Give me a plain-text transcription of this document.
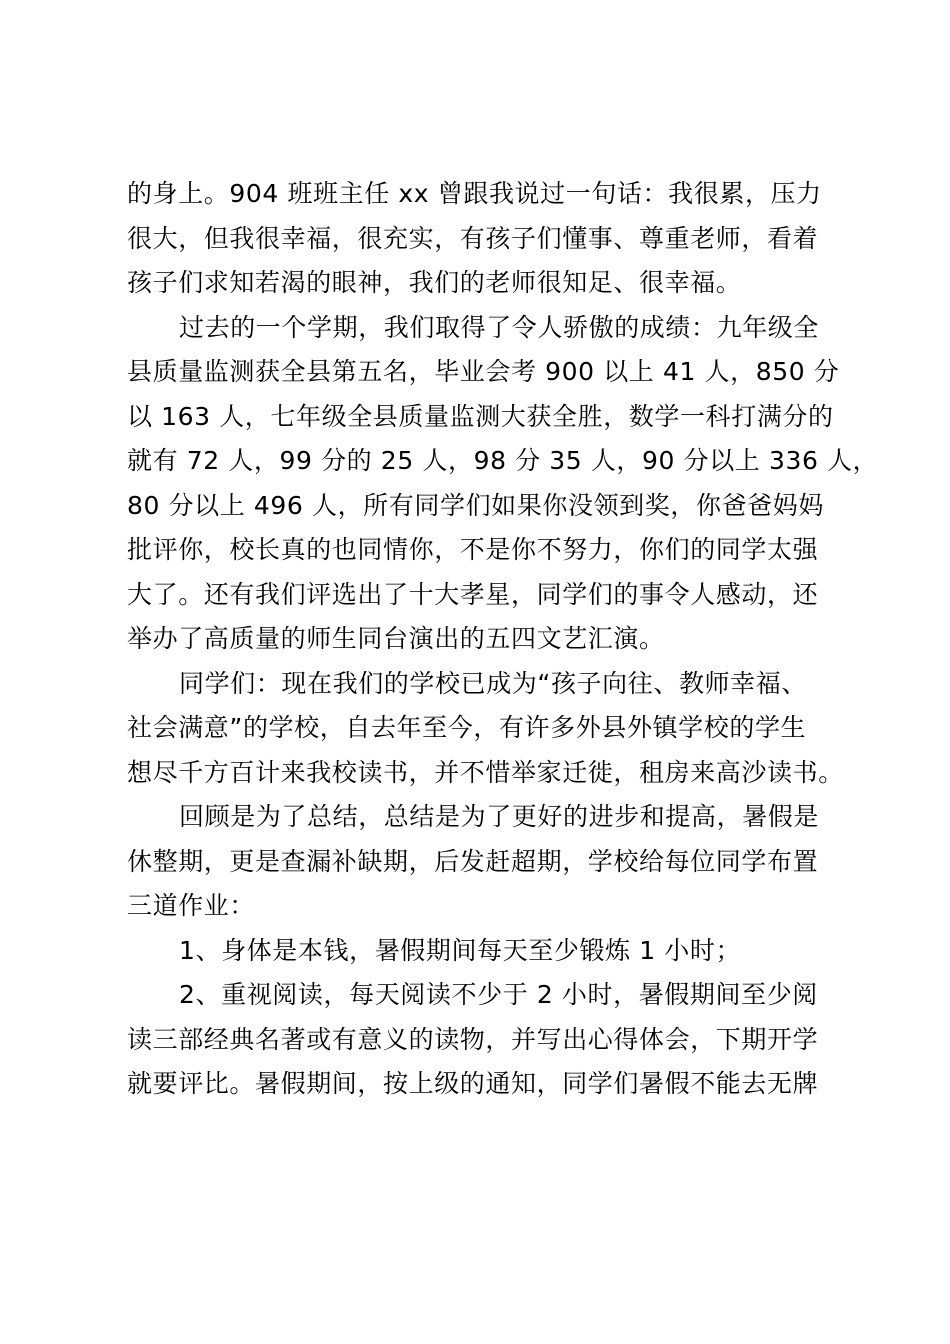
的身上。904 班班主任 xx 曾跟我说过一句话：我很累，压力
很大，但我很幸福，很充实，有孩子们懂事、尊重老师，看着
孩子们求知若渴的眼神，我们的老师很知足、很幸福。
过去的一个学期，我们取得了令人骄傲的成绩：九年级全
县质量监测获全县第五名，毕业会考 900 以上 41 人，850 分
以 163 人，七年级全县质量监测大获全胜，数学一科打满分的
就有 72 人，99 分的 25 人，98 分 35 人，90 分以上 336 人，
80 分以上 496 人，所有同学们如果你没领到奖，你爸爸妈妈
批评你，校长真的也同情你，不是你不努力，你们的同学太强
大了。还有我们评选出了十大孝星，同学们的事令人感动，还
举办了高质量的师生同台演出的五四文艺汇演。
同学们：现在我们的学校已成为“孩子向往、教师幸福、
社会满意”的学校，自去年至今，有许多外县外镇学校的学生
想尽千方百计来我校读书，并不惜举家迁徙，租房来高沙读书。
回顾是为了总结，总结是为了更好的进步和提高，暑假是
休整期，更是查漏补缺期，后发赶超期，学校给每位同学布置
三道作业：
1、身体是本钱，暑假期间每天至少锻炼 1 小时；
2、重视阅读，每天阅读不少于 2 小时，暑假期间至少阅
读三部经典名著或有意义的读物，并写出心得体会，下期开学
就要评比。暑假期间，按上级的通知，同学们暑假不能去无牌
